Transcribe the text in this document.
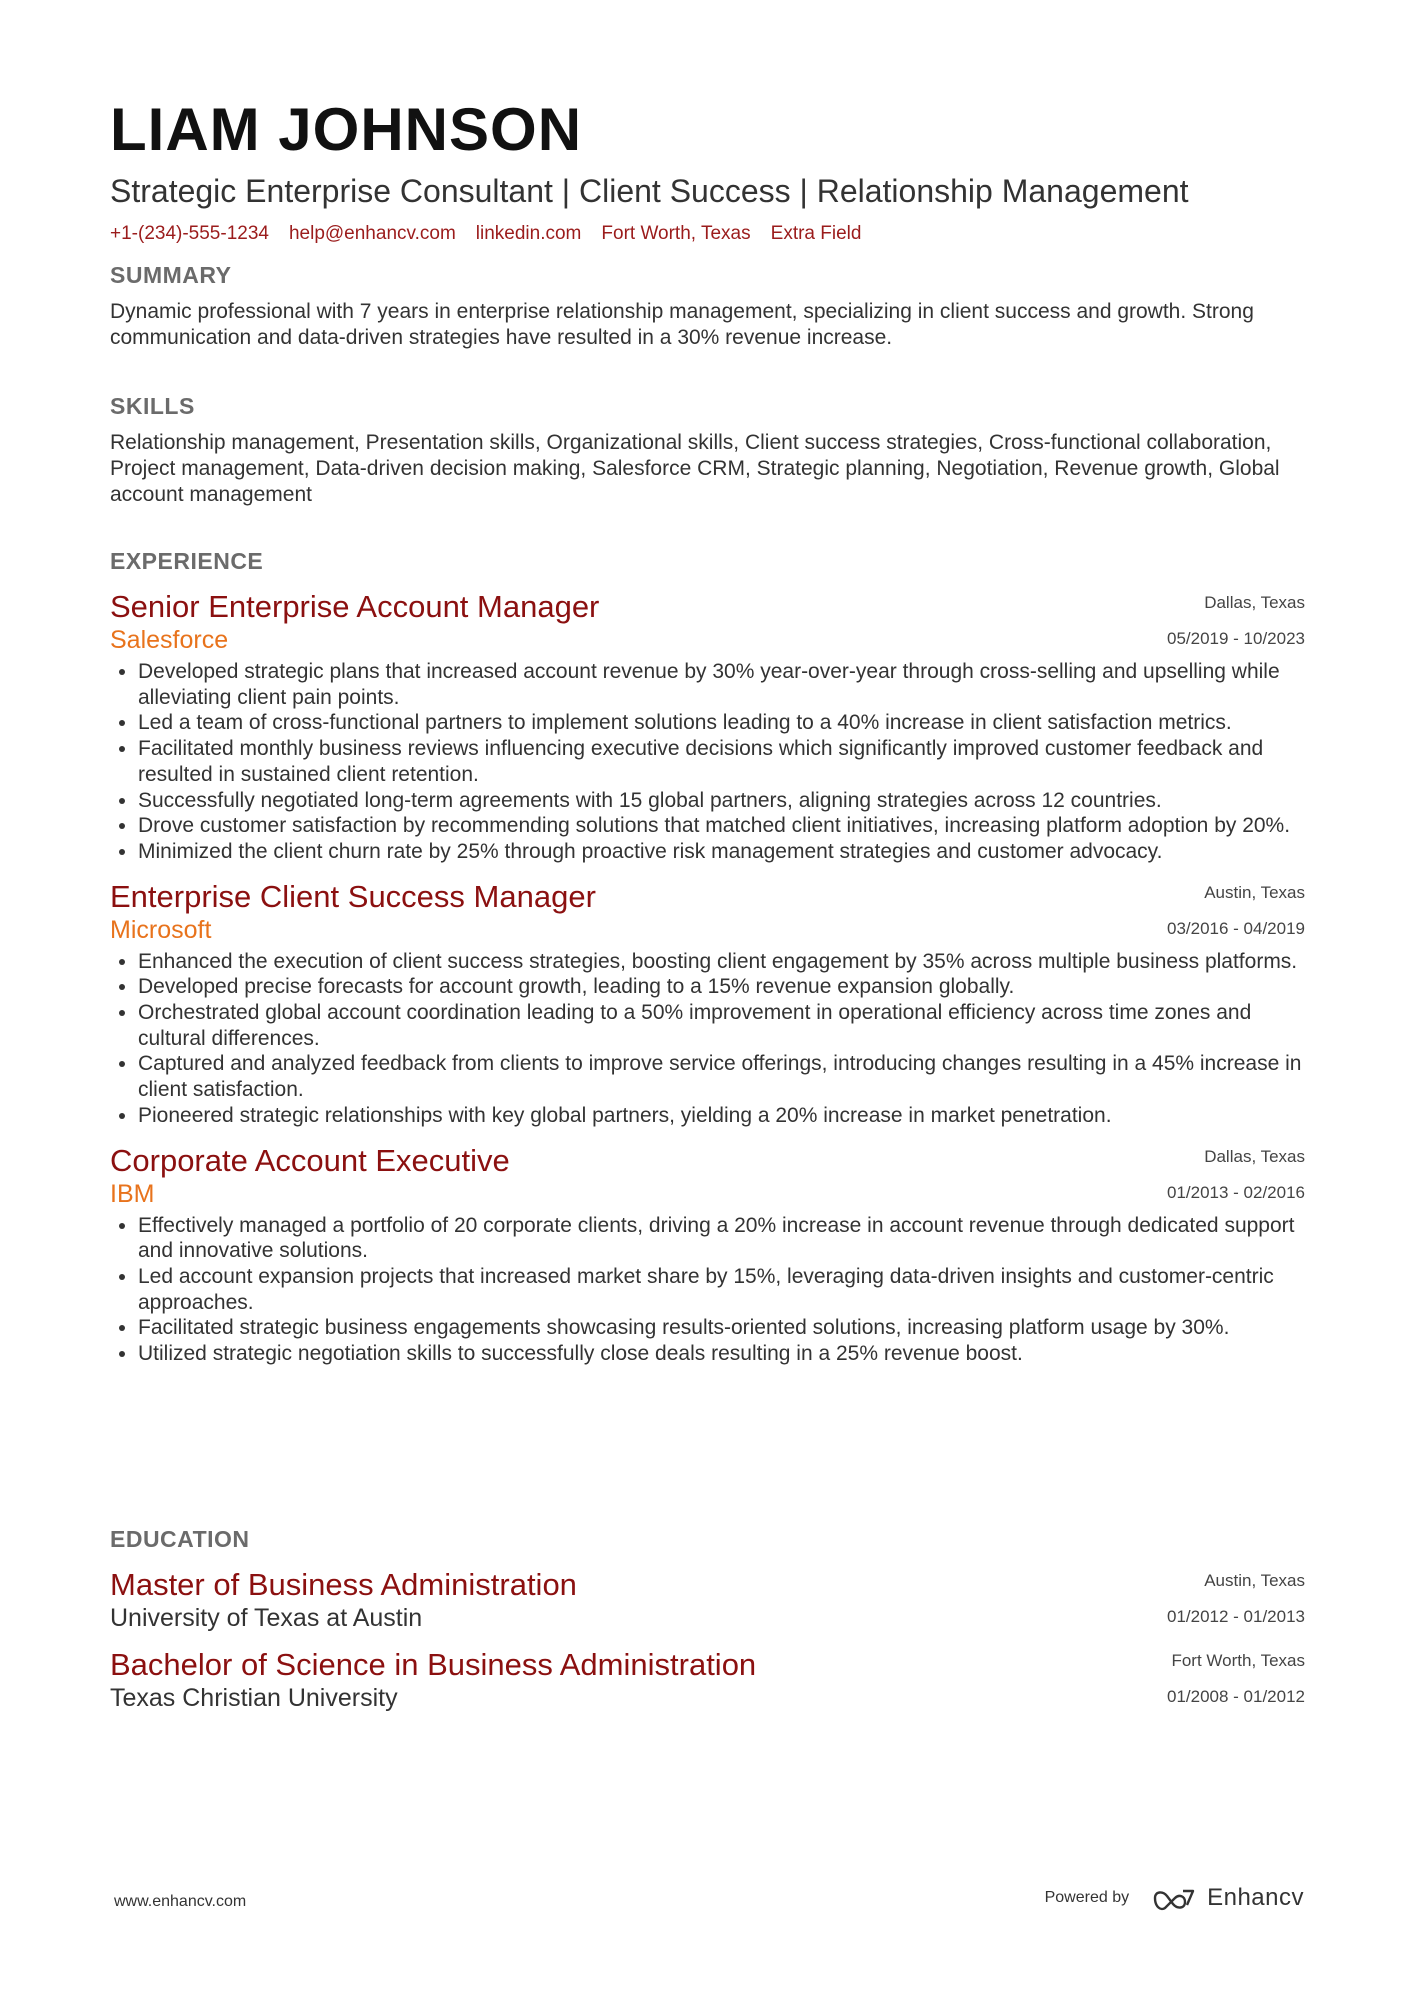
LIAM JOHNSON
Strategic Enterprise Consultant | Client Success | Relationship Management
+1-(234)-555-1234 help@enhancv.com linkedin.com Fort Worth, Texas Extra Field
SUMMARY
Dynamic professional with 7 years in enterprise relationship management, specializing in client success and growth. Strong communication and data-driven strategies have resulted in a 30% revenue increase.
SKILLS
Relationship management, Presentation skills, Organizational skills, Client success strategies, Cross-functional collaboration, Project management, Data-driven decision making, Salesforce CRM, Strategic planning, Negotiation, Revenue growth, Global account management
EXPERIENCE
Senior Enterprise Account Manager
Salesforce
Dallas, Texas
05/2019 - 10/2023
• Developed strategic plans that increased account revenue by 30% year-over-year through cross-selling and upselling while alleviating client pain points.
• Led a team of cross-functional partners to implement solutions leading to a 40% increase in client satisfaction metrics.
• Facilitated monthly business reviews influencing executive decisions which significantly improved customer feedback and resulted in sustained client retention.
• Successfully negotiated long-term agreements with 15 global partners, aligning strategies across 12 countries.
• Drove customer satisfaction by recommending solutions that matched client initiatives, increasing platform adoption by 20%.
• Minimized the client churn rate by 25% through proactive risk management strategies and customer advocacy.
Enterprise Client Success Manager
Microsoft
Austin, Texas
03/2016 - 04/2019
• Enhanced the execution of client success strategies, boosting client engagement by 35% across multiple business platforms.
• Developed precise forecasts for account growth, leading to a 15% revenue expansion globally.
• Orchestrated global account coordination leading to a 50% improvement in operational efficiency across time zones and cultural differences.
• Captured and analyzed feedback from clients to improve service offerings, introducing changes resulting in a 45% increase in client satisfaction.
• Pioneered strategic relationships with key global partners, yielding a 20% increase in market penetration.
Corporate Account Executive
IBM
Dallas, Texas
01/2013 - 02/2016
• Effectively managed a portfolio of 20 corporate clients, driving a 20% increase in account revenue through dedicated support and innovative solutions.
• Led account expansion projects that increased market share by 15%, leveraging data-driven insights and customer-centric approaches.
• Facilitated strategic business engagements showcasing results-oriented solutions, increasing platform usage by 30%.
• Utilized strategic negotiation skills to successfully close deals resulting in a 25% revenue boost.
EDUCATION
Master of Business Administration
University of Texas at Austin
Austin, Texas
01/2012 - 01/2013
Bachelor of Science in Business Administration
Texas Christian University
Fort Worth, Texas
01/2008 - 01/2012
www.enhancv.com	Powered by	Enhancv
